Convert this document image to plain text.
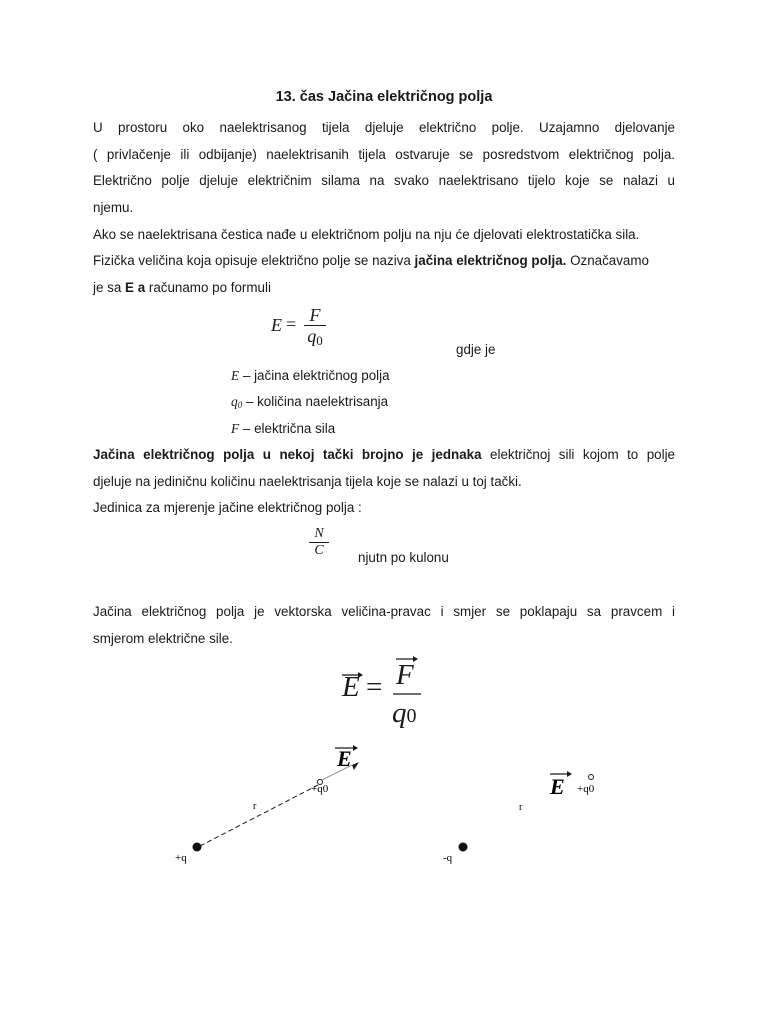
13. čas Jačina električnog polja
U prostoru oko naelektrisanog tijela djeluje električno polje. Uzajamno djelovanje
( privlačenje ili odbijanje) naelektrisanih tijela ostvaruje se posredstvom električnog polja.
Električno polje djeluje električnim silama na svako naelektrisano tijelo koje se nalazi u
njemu.
Ako se naelektrisana čestica nađe u električnom polju na nju će djelovati elektrostatička sila.
Fizička veličina koja opisuje električno polje se naziva jačina električnog polja. Označavamo
je sa E a računamo po formuli
E = F
q0
gdje je
E – jačina električnog polja
q0 – količina naelektrisanja
F – električna sila
Jačina električnog polja u nekoj tački brojno je jednaka električnoj sili kojom to polje
djeluje na jediničnu količinu naelektrisanja tijela koje se nalazi u toj tački.
Jedinica za mjerenje jačine električnog polja :
N
C	njutn po kulonu
Jačina električnog polja je vektorska veličina-pravac i smjer se poklapaju sa pravcem i
smjerom električne sile.
E = F
q0
E
+q0
r
+q
E +q0
r
-q
